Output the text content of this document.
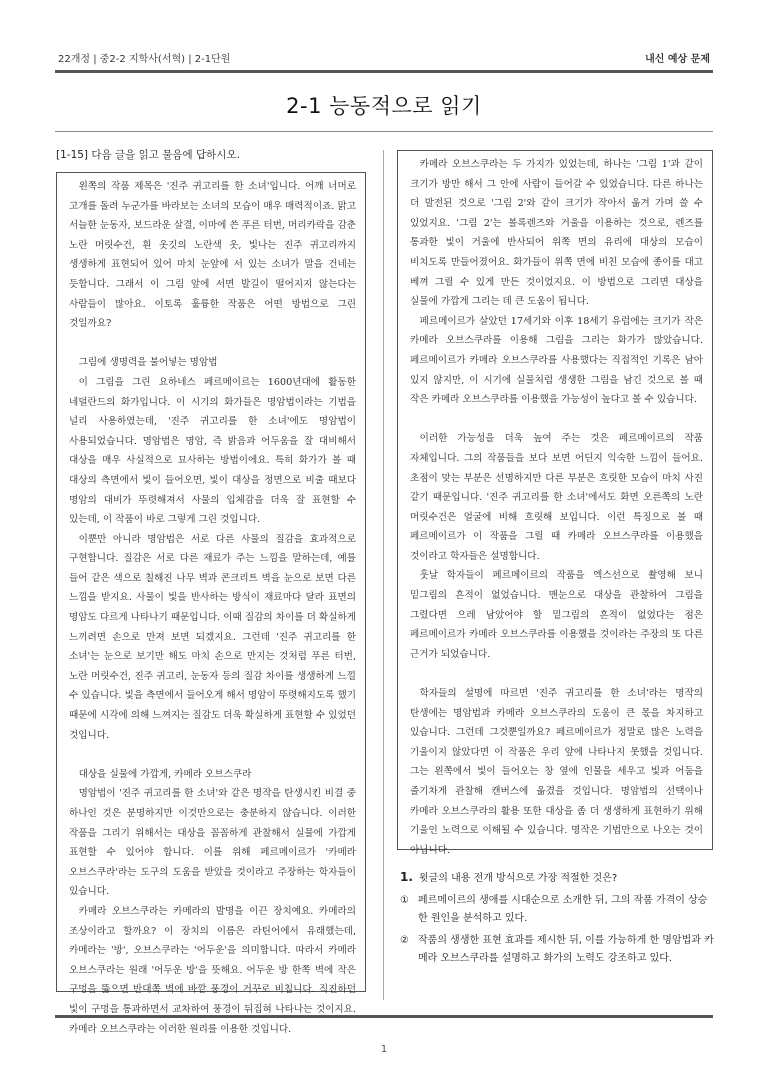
22개정 | 중2-2 지학사(서혁) | 2-1단원	내신 예상 문제
2-1 능동적으로 읽기
[1-15] 다음 글을 읽고 물음에 답하시오.

왼쪽의 작품 제목은 '진주 귀고리를 한 소녀'입니다. 어깨 너머로 고개를 돌려 누군가를 바라보는 소녀의 모습이 매우 매력적이죠. 맑고 서늘한 눈동자, 보드라운 살결, 이마에 쓴 푸른 터번, 머리카락을 감춘 노란 머릿수건, 흰 옷깃의 노란색 옷, 빛나는 진주 귀고리까지 생생하게 표현되어 있어 마치 눈앞에 서 있는 소녀가 말을 건네는 듯합니다. 그래서 이 그림 앞에 서면 발길이 떨어지지 않는다는 사람들이 많아요. 이토록 훌륭한 작품은 어떤 방법으로 그린 것일까요?

그림에 생명력을 불어넣는 명암법

이 그림을 그린 요하네스 페르메이르는 1600년대에 활동한 네덜란드의 화가입니다. 이 시기의 화가들은 명암법이라는 기법을 널리 사용하였는데, '진주 귀고리를 한 소녀'에도 명암법이 사용되었습니다. 명암법은 명암, 즉 밝음과 어두움을 잘 대비해서 대상을 매우 사실적으로 묘사하는 방법이에요. 특히 화가가 볼 때 대상의 측면에서 빛이 들어오면, 빛이 대상을 정면으로 비출 때보다 명암의 대비가 뚜렷해져서 사물의 입체감을 더욱 잘 표현할 수 있는데, 이 작품이 바로 그렇게 그린 것입니다.

이뿐만 아니라 명암법은 서로 다른 사물의 질감을 효과적으로 구현합니다. 질감은 서로 다른 재료가 주는 느낌을 말하는데, 예를 들어 같은 색으로 칠해진 나무 벽과 콘크리트 벽을 눈으로 보면 다른 느낌을 받지요. 사물이 빛을 반사하는 방식이 재료마다 달라 표면의 명암도 다르게 나타나기 때문입니다. 이때 질감의 차이를 더 확실하게 느끼려면 손으로 만져 보면 되겠지요. 그런데 '진주 귀고리를 한 소녀'는 눈으로 보기만 해도 마치 손으로 만지는 것처럼 푸른 터번, 노란 머릿수건, 진주 귀고리, 눈동자 등의 질감 차이를 생생하게 느낄 수 있습니다. 빛을 측면에서 들어오게 해서 명암이 뚜렷해지도록 했기 때문에 시각에 의해 느껴지는 질감도 더욱 확실하게 표현할 수 있었던 것입니다.

대상을 실물에 가깝게, 카메라 오브스쿠라

명암법이 '진주 귀고리를 한 소녀'와 같은 명작을 탄생시킨 비결 중 하나인 것은 분명하지만 이것만으로는 충분하지 않습니다. 이러한 작품을 그리기 위해서는 대상을 꼼꼼하게 관찰해서 실물에 가깝게 표현할 수 있어야 합니다. 이를 위해 페르메이르가 '카메라 오브스쿠라'라는 도구의 도움을 받았을 것이라고 주장하는 학자들이 있습니다.

카메라 오브스쿠라는 카메라의 발명을 이끈 장치예요. 카메라의 조상이라고 할까요? 이 장치의 이름은 라틴어에서 유래했는데, 카메라는 '방', 오브스쿠라는 '어두운'을 의미합니다. 따라서 카메라 오브스쿠라는 원래 '어두운 방'을 뜻해요. 어두운 방 한쪽 벽에 작은 구멍을 뚫으면 반대쪽 벽에 바깥 풍경이 거꾸로 비칩니다. 직진하던 빛이 구멍을 통과하면서 교차하여 풍경이 뒤집혀 나타나는 것이지요. 카메라 오브스쿠라는 이러한 원리를 이용한 것입니다.

카메라 오브스쿠라는 두 가지가 있었는데, 하나는 '그림 1'과 같이 크기가 방만 해서 그 안에 사람이 들어갈 수 있었습니다. 다른 하나는 더 발전된 것으로 '그림 2'와 같이 크기가 작아서 옮겨 가며 쓸 수 있었지요. '그림 2'는 볼록렌즈와 거울을 이용하는 것으로, 렌즈를 통과한 빛이 거울에 반사되어 위쪽 면의 유리에 대상의 모습이 비치도록 만들어졌어요. 화가들이 위쪽 면에 비친 모습에 종이를 대고 베껴 그릴 수 있게 만든 것이었지요. 이 방법으로 그리면 대상을 실물에 가깝게 그리는 데 큰 도움이 됩니다.

페르메이르가 살았던 17세기와 이후 18세기 유럽에는 크기가 작은 카메라 오브스쿠라를 이용해 그림을 그리는 화가가 많았습니다. 페르메이르가 카메라 오브스쿠라를 사용했다는 직접적인 기록은 남아 있지 않지만, 이 시기에 실물처럼 생생한 그림을 남긴 것으로 볼 때 작은 카메라 오브스쿠라를 이용했을 가능성이 높다고 볼 수 있습니다.

이러한 가능성을 더욱 높여 주는 것은 페르메이르의 작품 자체입니다. 그의 작품들을 보다 보면 어딘지 익숙한 느낌이 들어요. 초점이 맞는 부분은 선명하지만 다른 부분은 흐릿한 모습이 마치 사진 같기 때문입니다. '진주 귀고리를 한 소녀'에서도 화면 오른쪽의 노란 머릿수건은 얼굴에 비해 흐릿해 보입니다. 이런 특징으로 볼 때 페르메이르가 이 작품을 그릴 때 카메라 오브스쿠라를 이용했을 것이라고 학자들은 설명합니다.

훗날 학자들이 페르메이르의 작품을 엑스선으로 촬영해 보니 밑그림의 흔적이 없었습니다. 맨눈으로 대상을 관찰하여 그림을 그렸다면 으레 남았어야 할 밑그림의 흔적이 없었다는 점은 페르메이르가 카메라 오브스쿠라를 이용했을 것이라는 주장의 또 다른 근거가 되었습니다.

학자들의 설명에 따르면 '진주 귀고리를 한 소녀'라는 명작의 탄생에는 명암법과 카메라 오브스쿠라의 도움이 큰 몫을 차지하고 있습니다. 그런데 그것뿐일까요? 페르메이르가 정말로 많은 노력을 기울이지 않았다면 이 작품은 우리 앞에 나타나지 못했을 것입니다. 그는 왼쪽에서 빛이 들어오는 창 옆에 인물을 세우고 빛과 어둠을 줄기차게 관찰해 캔버스에 옮겼을 것입니다. 명암법의 선택이나 카메라 오브스쿠라의 활용 또한 대상을 좀 더 생생하게 표현하기 위해 기울인 노력으로 이해될 수 있습니다. 명작은 기법만으로 나오는 것이 아닙니다.

1. 윗글의 내용 전개 방식으로 가장 적절한 것은?
① 페르메이르의 생애를 시대순으로 소개한 뒤, 그의 작품 가격이 상승한 원인을 분석하고 있다.
② 작품의 생생한 표현 효과를 제시한 뒤, 이를 가능하게 한 명암법과 카메라 오브스쿠라를 설명하고 화가의 노력도 강조하고 있다.
1
